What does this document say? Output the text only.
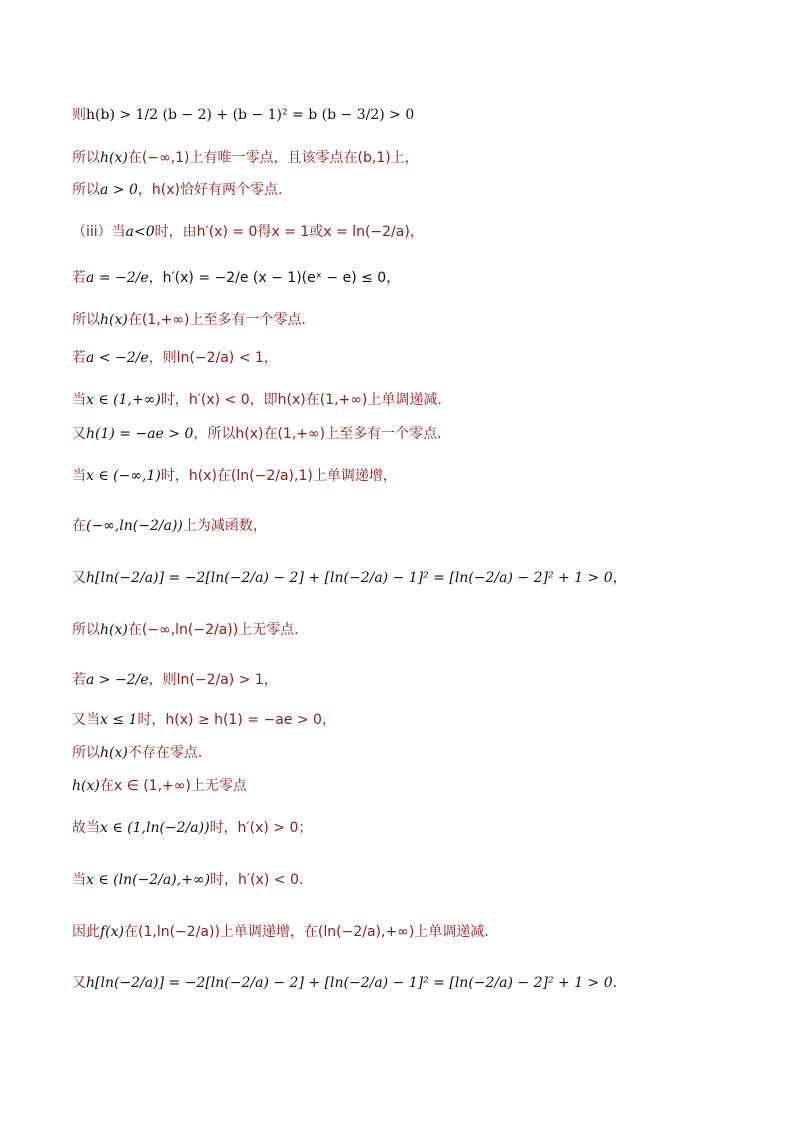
则h(b) > 1/2 (b − 2) + (b − 1)² = b (b − 3/2) > 0
所以h(x)在(−∞,1)上有唯一零点，且该零点在(b,1)上，
所以a > 0，h(x)恰好有两个零点.
（iii）当a<0时，由h′(x) = 0得x = 1或x = ln(−2/a)，
若a = −2/e，h′(x) = −2/e (x − 1)(eˣ − e) ≤ 0，
所以h(x)在(1,+∞)上至多有一个零点.
若a < −2/e，则ln(−2/a) < 1，
当x ∈ (1,+∞)时，h′(x) < 0，即h(x)在(1,+∞)上单调递减.
又h(1) = −ae > 0，所以h(x)在(1,+∞)上至多有一个零点.
当x ∈ (−∞,1)时，h(x)在(ln(−2/a),1)上单调递增，
在(−∞,ln(−2/a))上为减函数，
又h[ln(−2/a)] = −2[ln(−2/a) − 2] + [ln(−2/a) − 1]² = [ln(−2/a) − 2]² + 1 > 0，
所以h(x)在(−∞,ln(−2/a))上无零点.
若a > −2/e，则ln(−2/a) > 1，
又当x ≤ 1时，h(x) ≥ h(1) = −ae > 0，
所以h(x)不存在零点.
h(x)在x ∈ (1,+∞)上无零点
故当x ∈ (1,ln(−2/a))时，h′(x) > 0；
当x ∈ (ln(−2/a),+∞)时，h′(x) < 0.
因此f(x)在(1,ln(−2/a))上单调递增，在(ln(−2/a),+∞)上单调递减.
又h[ln(−2/a)] = −2[ln(−2/a) − 2] + [ln(−2/a) − 1]² = [ln(−2/a) − 2]² + 1 > 0.
